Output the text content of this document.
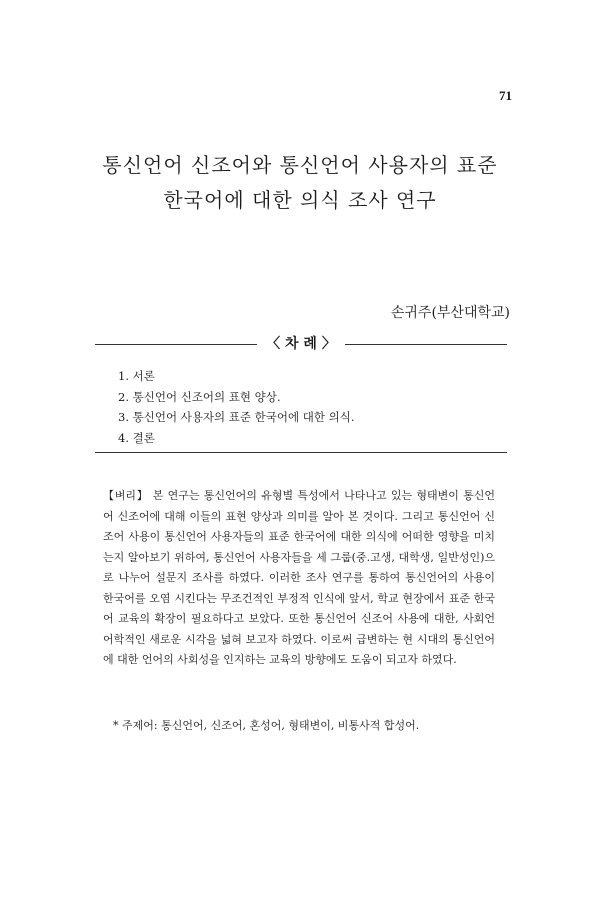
71
통신언어 신조어와 통신언어 사용자의 표준
한국어에 대한 의식 조사 연구
손귀주(부산대학교)
〈 차 례 〉
1. 서론
2. 통신언어 신조어의 표현 양상.
3. 통신언어 사용자의 표준 한국어에 대한 의식.
4. 결론

【벼리】 본 연구는 통신언어의 유형별 특성에서 나타나고 있는 형태변이 통신언어 신조어에 대해 이들의 표현 양상과 의미를 알아 본 것이다. 그리고 통신언어 신조어 사용이 통신언어 사용자들의 표준 한국어에 대한 의식에 어떠한 영향을 미치는지 알아보기 위하여, 통신언어 사용자들을 세 그룹(중.고생, 대학생, 일반성인)으로 나누어 설문지 조사를 하였다. 이러한 조사 연구를 통하여 통신언어의 사용이 한국어를 오염 시킨다는 무조건적인 부정적 인식에 앞서, 학교 현장에서 표준 한국어 교육의 확장이 필요하다고 보았다. 또한 통신언어 신조어 사용에 대한, 사회언어학적인 새로운 시각을 넓혀 보고자 하였다. 이로써 급변하는 현 시대의 통신언어에 대한 언어의 사회성을 인지하는 교육의 방향에도 도움이 되고자 하였다.

* 주제어: 통신언어, 신조어, 혼성어, 형태변이, 비통사적 합성어.
